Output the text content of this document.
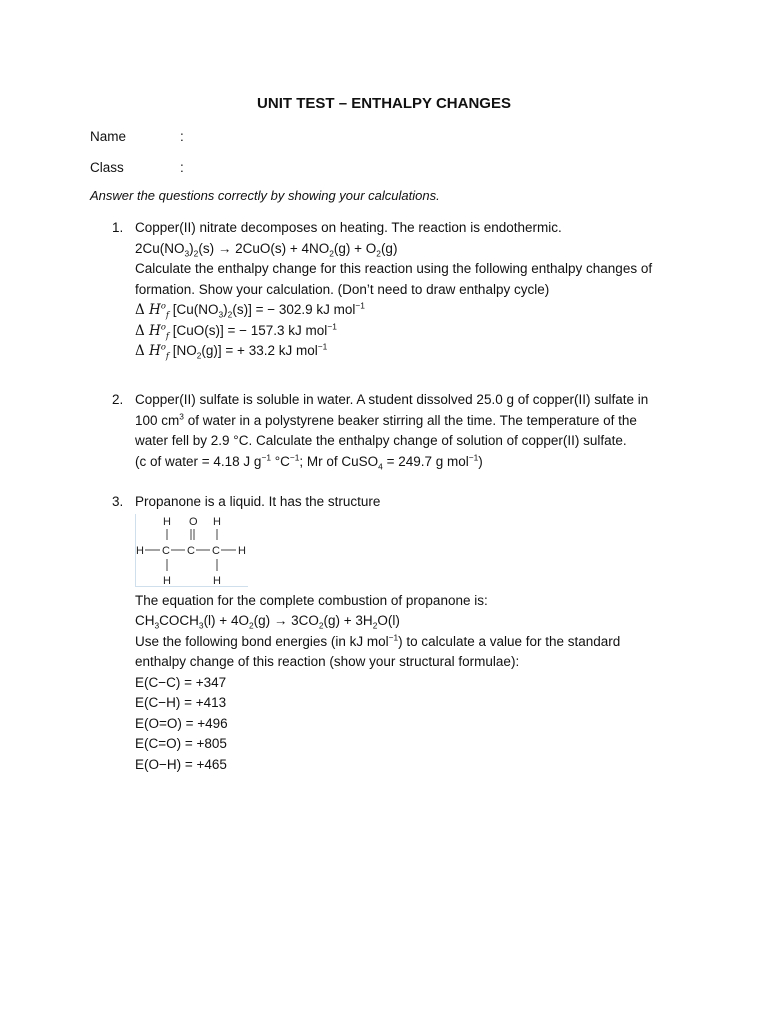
UNIT TEST – ENTHALPY CHANGES
Name	:
Class	:
Answer the questions correctly by showing your calculations.
1. Copper(II) nitrate decomposes on heating. The reaction is endothermic.
$2Cu(NO_3)_2(s) \to 2CuO(s) + 4NO_2(g) + O_2(g)$
Calculate the enthalpy change for this reaction using the following enthalpy changes of
formation. Show your calculation. (Don’t need to draw enthalpy cycle)
Δ $H^o_f$ $[Cu(NO_3)_2(s)]$ = − 302.9 kJ mol$^{-1}$
Δ $H^o_f$ [CuO(s)] = − 157.3 kJ mol$^{-1}$
Δ $H^o_f$ $[NO_2(g)]$ = + 33.2 kJ mol$^{-1}$
2. Copper(II) sulfate is soluble in water. A student dissolved 25.0 g of copper(II) sulfate in
100 $cm^3$ of water in a polystyrene beaker stirring all the time. The temperature of the
water fell by 2.9 °C. Calculate the enthalpy change of solution of copper(II) sulfate.
(c of water = 4.18 J $g^{-1}$ $^\circ C^{-1}$; Mr of CuSO$_4$ = 249.7 g mol$^{-1}$)
3. Propanone is a liquid. It has the structure
H O H
H C C C H
H	H
The equation for the complete combustion of propanone is:
$CH_3COCH_3(l) + 4O_2(g) \to 3CO_2(g) + 3H_2O(l)$
Use the following bond energies (in kJ mol$^{-1}$) to calculate a value for the standard
enthalpy change of this reaction (show your structural formulae):
E(C−C) = +347
E(C−H) = +413
E(O=O) = +496
E(C=O) = +805
E(O−H) = +465
